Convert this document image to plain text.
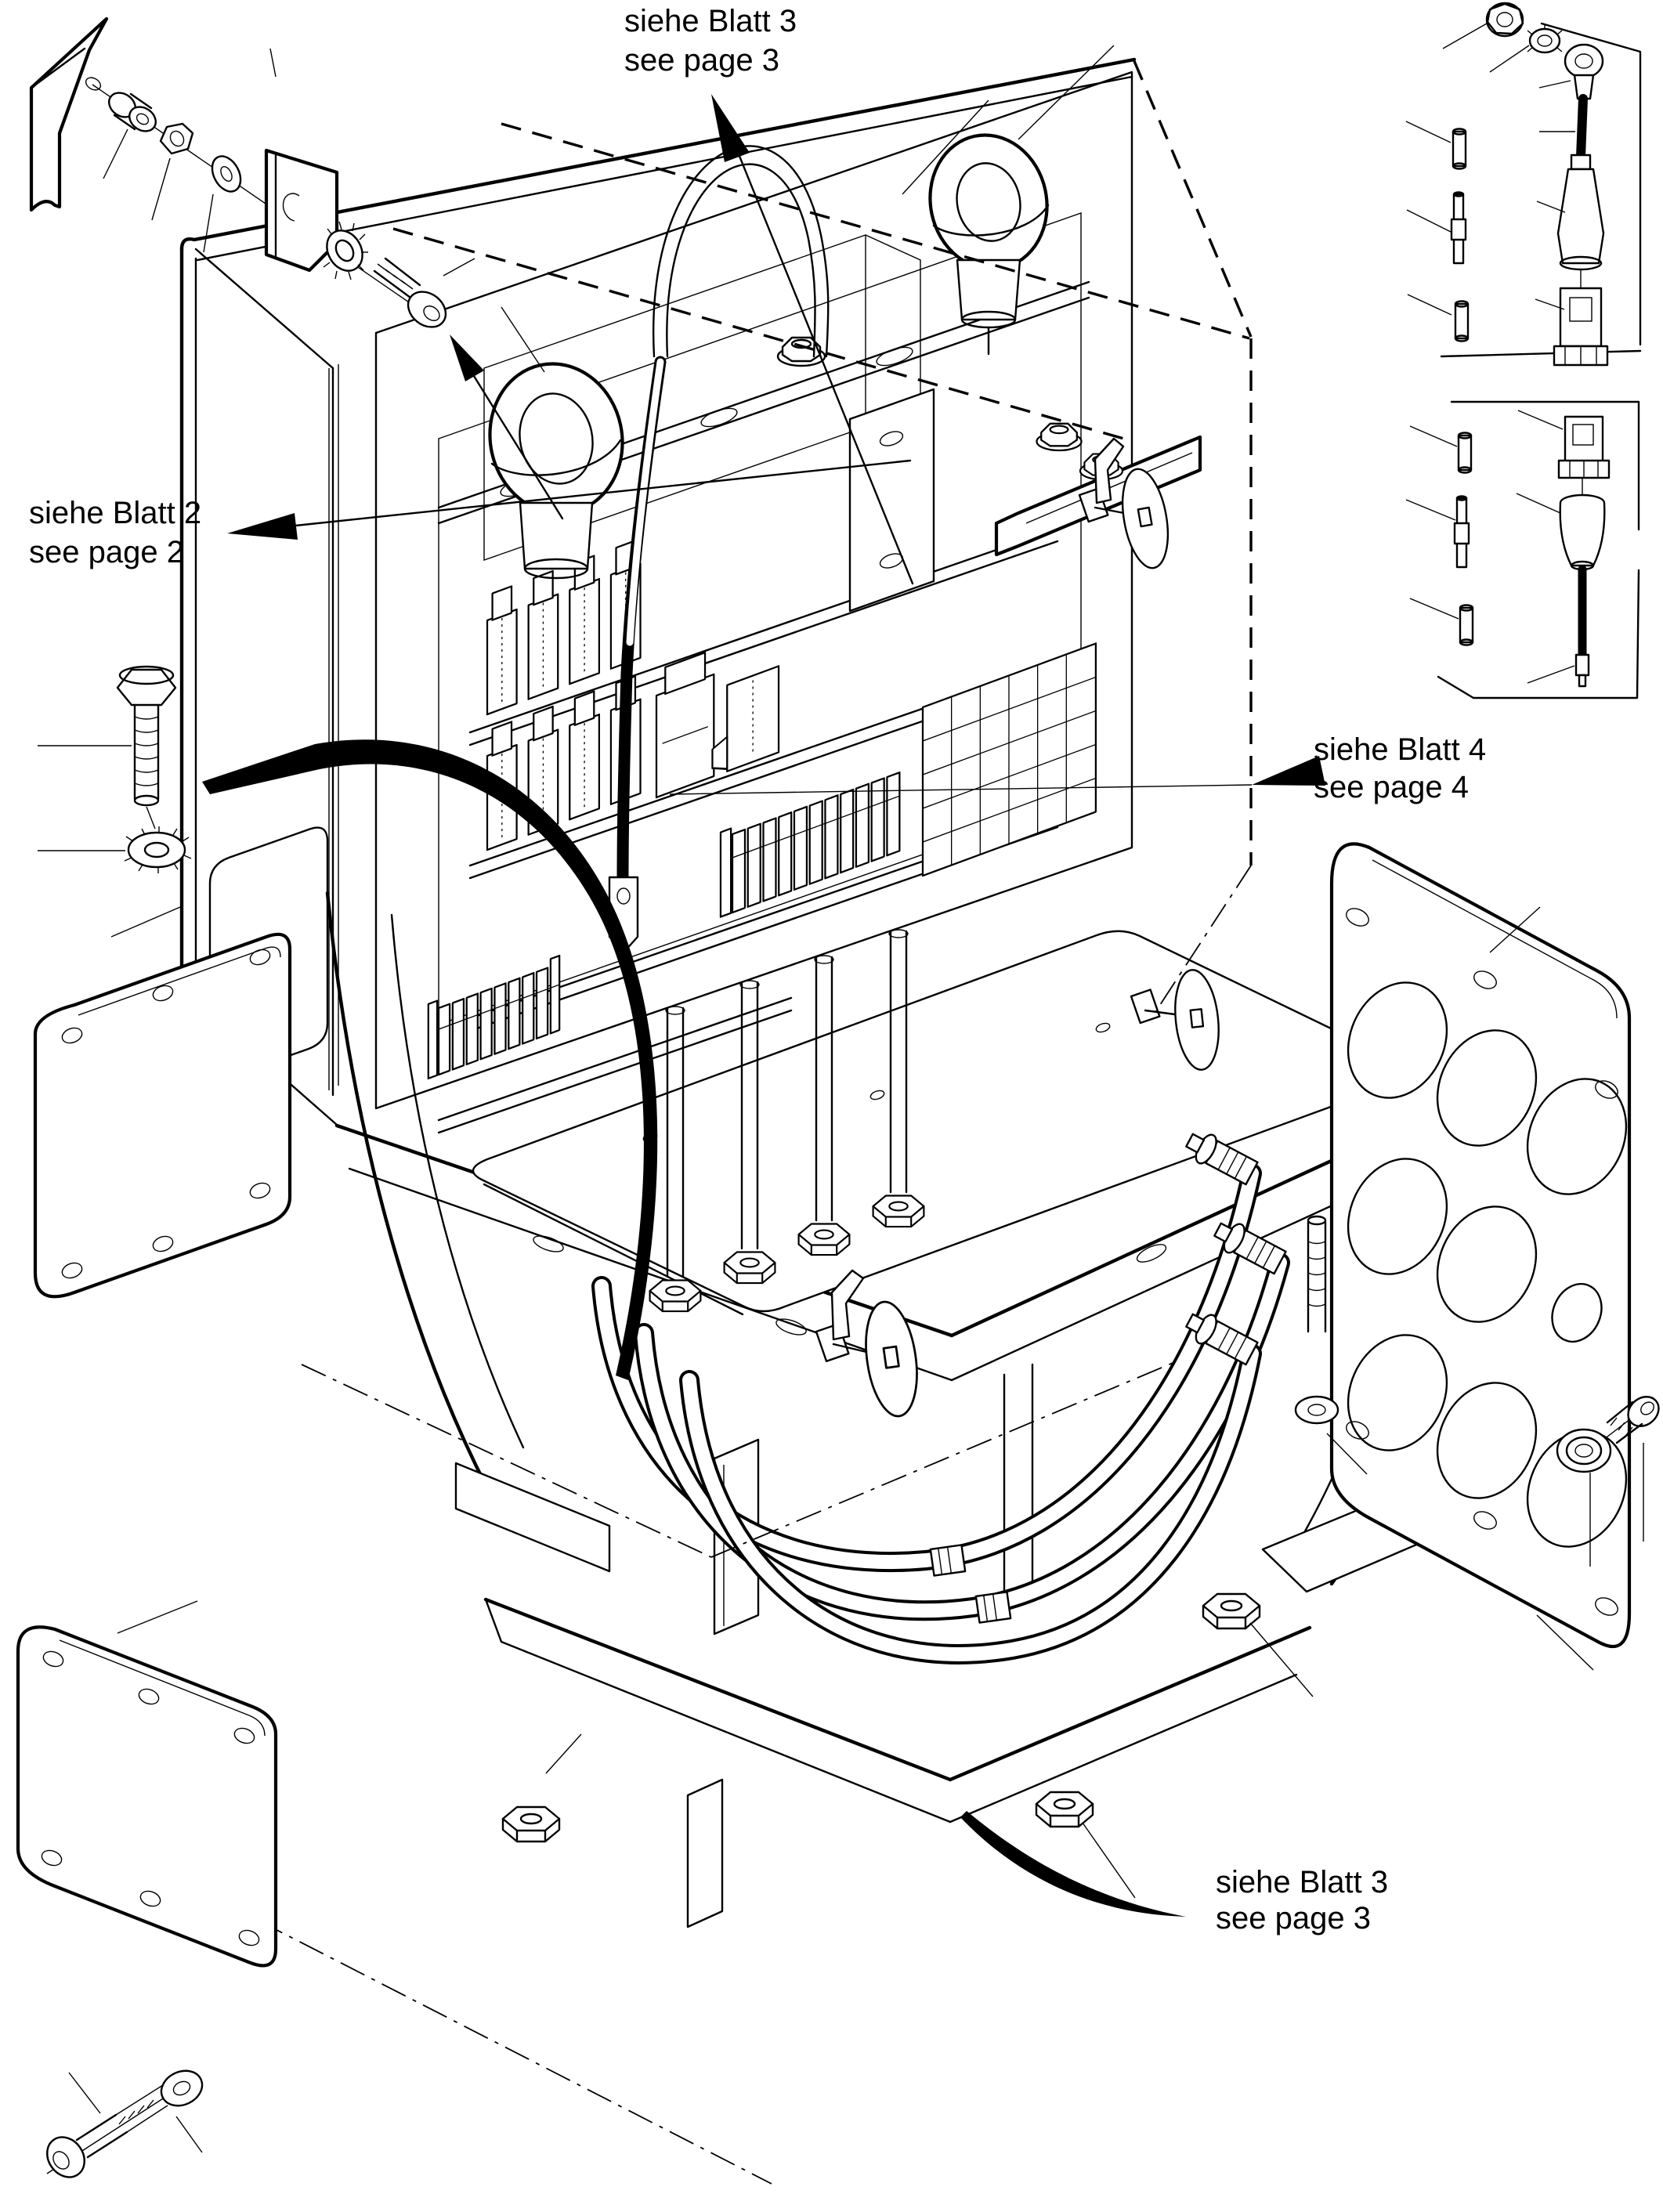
siehe Blatt 3
see page 3
siehe Blatt 2
see page 2
siehe Blatt 4
see page 4
siehe Blatt 3
see page 3
